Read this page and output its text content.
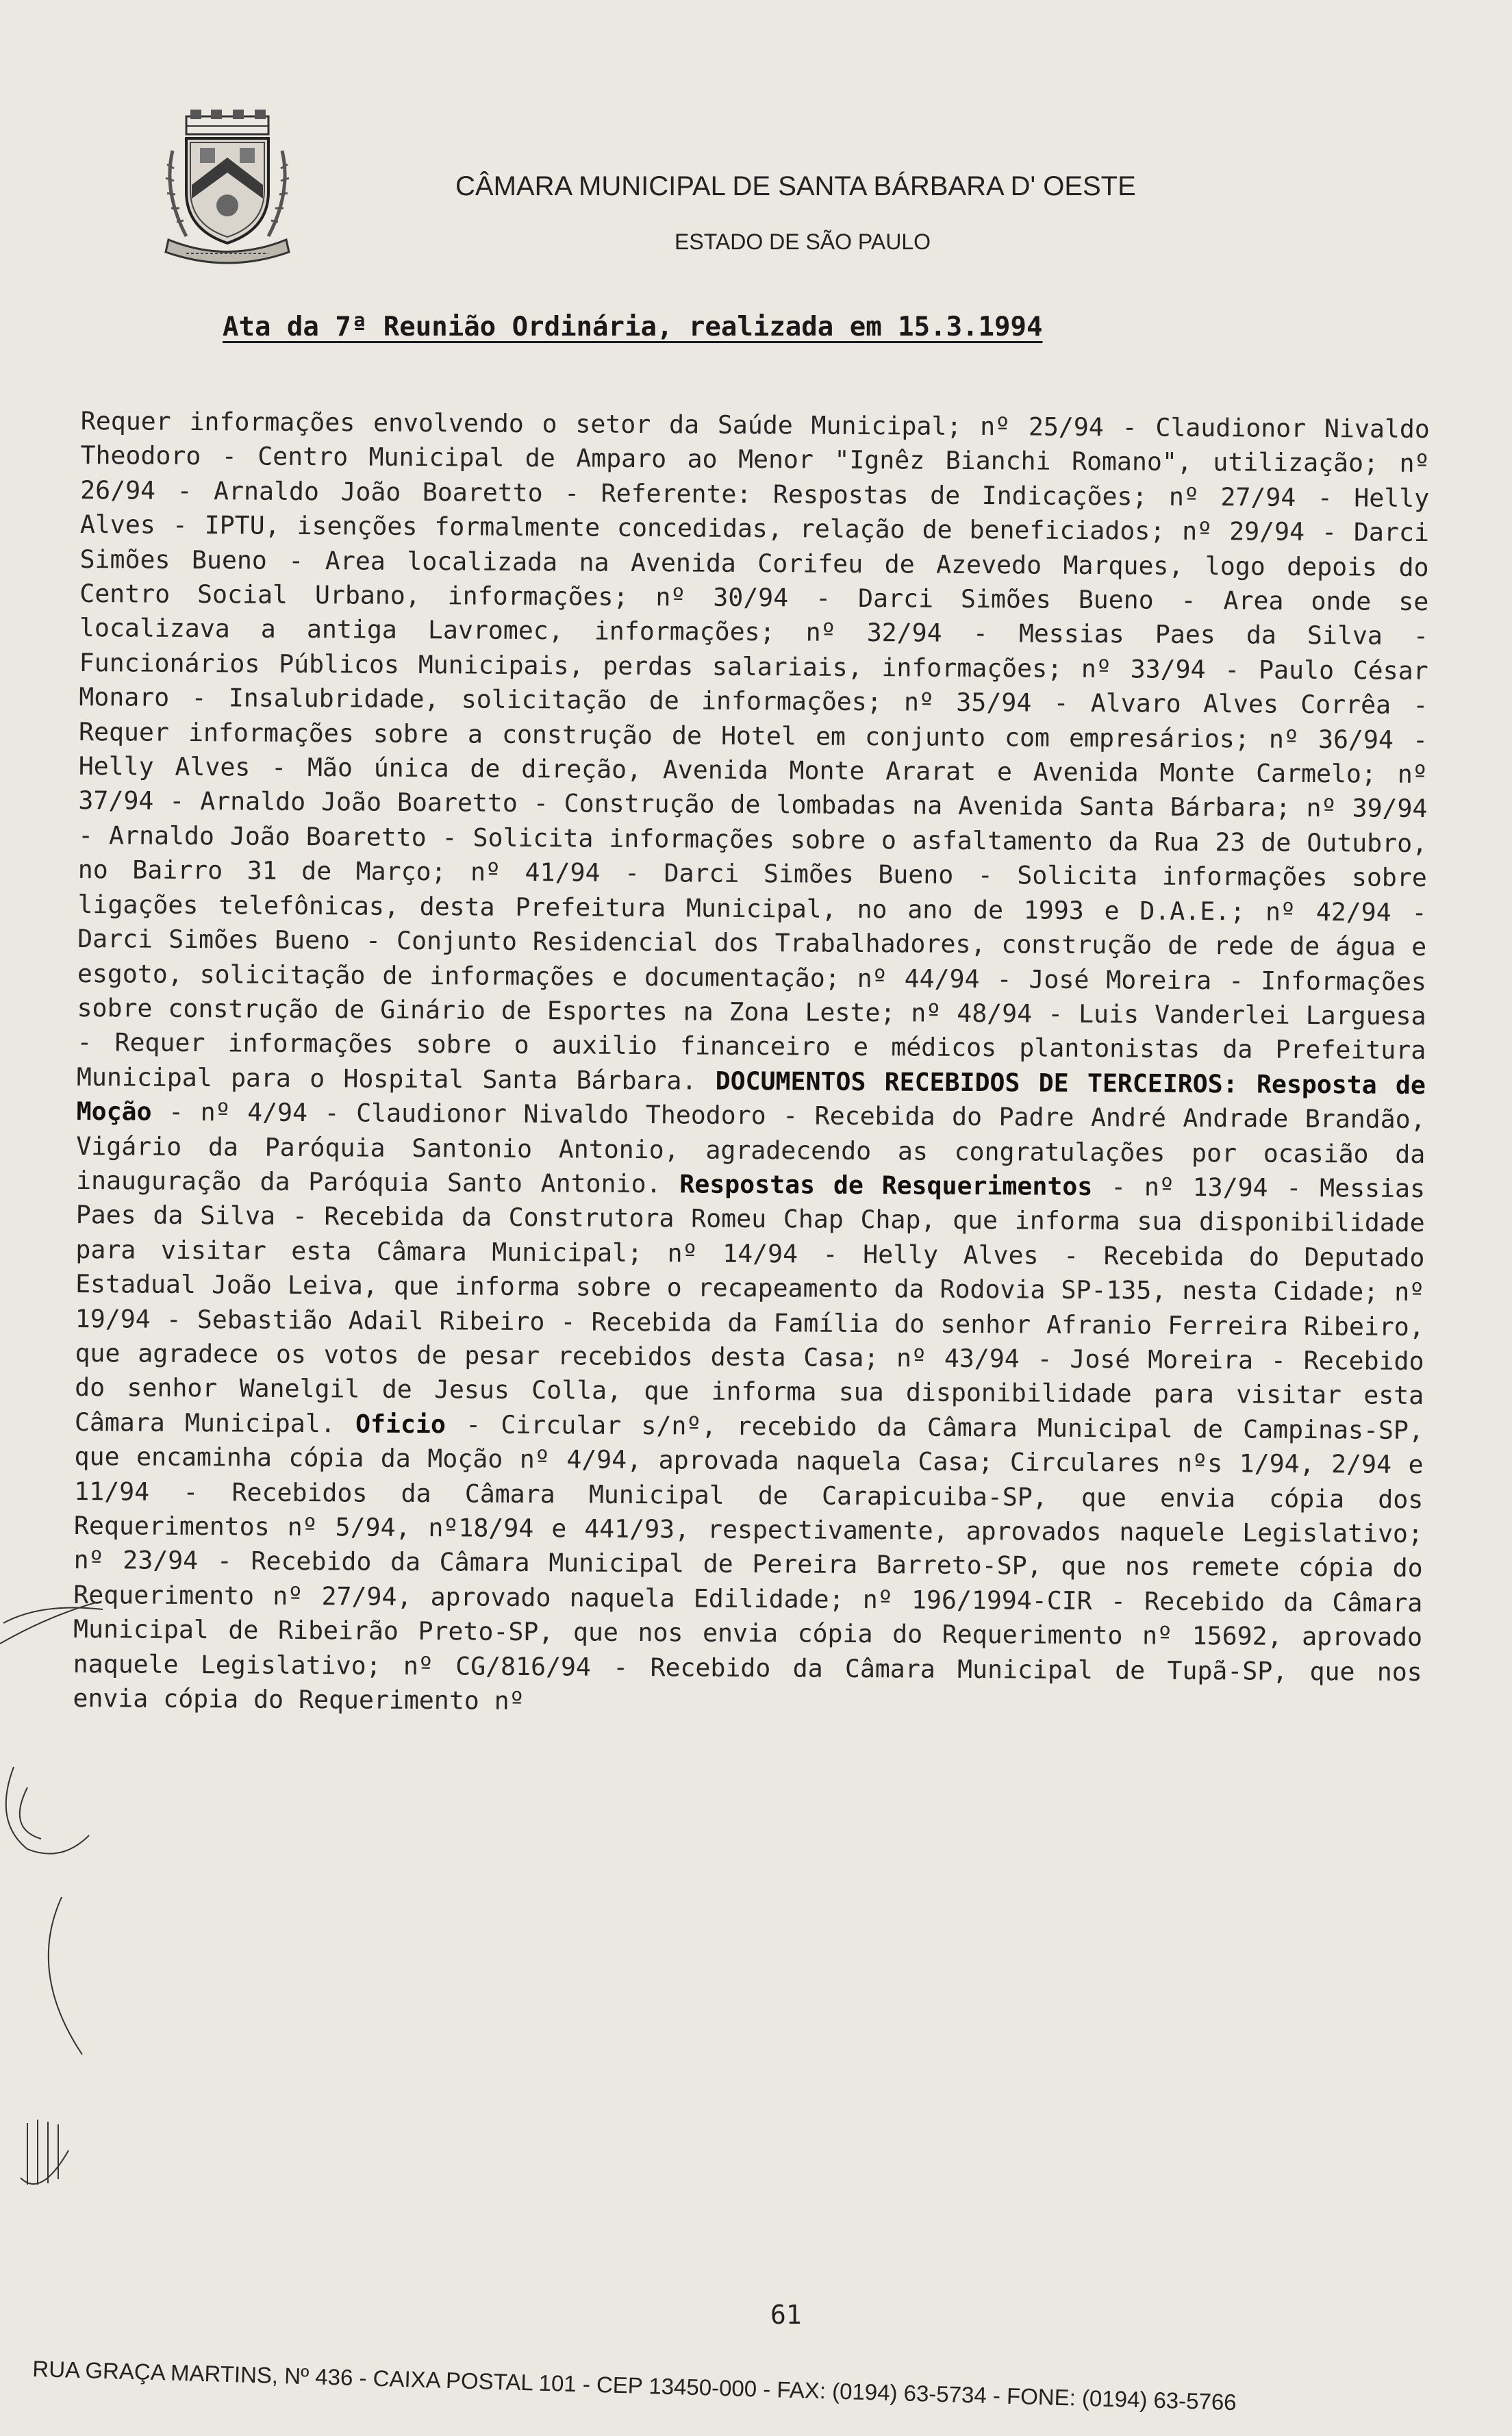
CÂMARA MUNICIPAL DE SANTA BÁRBARA D' OESTE
ESTADO DE SÃO PAULO
Ata da 7ª Reunião Ordinária, realizada em 15.3.1994
Requer informações envolvendo o setor da Saúde Municipal; nº 25/94 - Claudionor Nivaldo Theodoro - Centro Municipal de Amparo ao Menor "Ignêz Bianchi Romano", utilização; nº 26/94 - Arnaldo João Boaretto - Referente: Respostas de Indicações; nº 27/94 - Helly Alves - IPTU, isenções formalmente concedidas, relação de beneficiados; nº 29/94 - Darci Simões Bueno - Area localizada na Avenida Corifeu de Azevedo Marques, logo depois do Centro Social Urbano, informações; nº 30/94 - Darci Simões Bueno - Area onde se localizava a antiga Lavromec, informações; nº 32/94 - Messias Paes da Silva - Funcionários Públicos Municipais, perdas salariais, informações; nº 33/94 - Paulo César Monaro - Insalubridade, solicitação de informações; nº 35/94 - Alvaro Alves Corrêa - Requer informações sobre a construção de Hotel em conjunto com empresários; nº 36/94 - Helly Alves - Mão única de direção, Avenida Monte Ararat e Avenida Monte Carmelo; nº 37/94 - Arnaldo João Boaretto - Construção de lombadas na Avenida Santa Bárbara; nº 39/94 - Arnaldo João Boaretto - Solicita informações sobre o asfaltamento da Rua 23 de Outubro, no Bairro 31 de Março; nº 41/94 - Darci Simões Bueno - Solicita informações sobre ligações telefônicas, desta Prefeitura Municipal, no ano de 1993 e D.A.E.; nº 42/94 - Darci Simões Bueno - Conjunto Residencial dos Trabalhadores, construção de rede de água e esgoto, solicitação de informações e documentação; nº 44/94 - José Moreira - Informações sobre construção de Ginário de Esportes na Zona Leste; nº 48/94 - Luis Vanderlei Larguesa - Requer informações sobre o auxilio financeiro e médicos plantonistas da Prefeitura Municipal para o Hospital Santa Bárbara. DOCUMENTOS RECEBIDOS DE TERCEIROS: Resposta de Moção - nº 4/94 - Claudionor Nivaldo Theodoro - Recebida do Padre André Andrade Brandão, Vigário da Paróquia Santonio Antonio, agradecendo as congratulações por ocasião da inauguração da Paróquia Santo Antonio. Respostas de Resquerimentos - nº 13/94 - Messias Paes da Silva - Recebida da Construtora Romeu Chap Chap, que informa sua disponibilidade para visitar esta Câmara Municipal; nº 14/94 - Helly Alves - Recebida do Deputado Estadual João Leiva, que informa sobre o recapeamento da Rodovia SP-135, nesta Cidade; nº 19/94 - Sebastião Adail Ribeiro - Recebida da Família do senhor Afranio Ferreira Ribeiro, que agradece os votos de pesar recebidos desta Casa; nº 43/94 - José Moreira - Recebido do senhor Wanelgil de Jesus Colla, que informa sua disponibilidade para visitar esta Câmara Municipal. Oficio - Circular s/nº, recebido da Câmara Municipal de Campinas-SP, que encaminha cópia da Moção nº 4/94, aprovada naquela Casa; Circulares nºs 1/94, 2/94 e 11/94 - Recebidos da Câmara Municipal de Carapicuiba-SP, que envia cópia dos Requerimentos nº 5/94, nº18/94 e 441/93, respectivamente, aprovados naquele Legislativo; nº 23/94 - Recebido da Câmara Municipal de Pereira Barreto-SP, que nos remete cópia do Requerimento nº 27/94, aprovado naquela Edilidade; nº 196/1994-CIR - Recebido da Câmara Municipal de Ribeirão Preto-SP, que nos envia cópia do Requerimento nº 15692, aprovado naquele Legislativo; nº CG/816/94 - Recebido da Câmara Municipal de Tupã-SP, que nos envia cópia do Requerimento nº
61
RUA GRAÇA MARTINS, Nº 436 - CAIXA POSTAL 101 - CEP 13450-000 - FAX: (0194) 63-5734 - FONE: (0194) 63-5766
